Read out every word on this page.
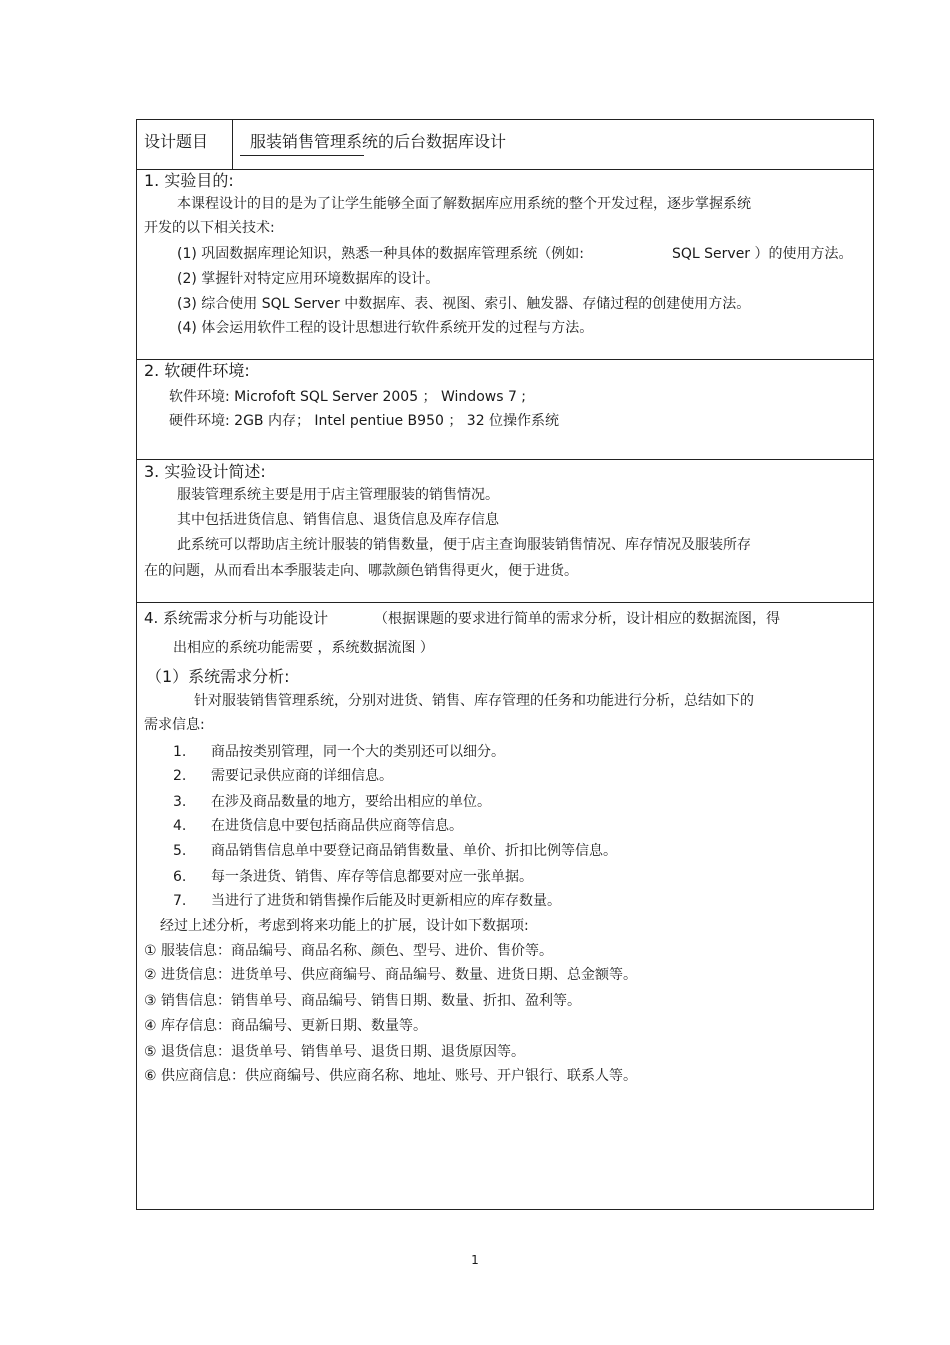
设计题目	服装销售管理系统的后台数据库设计
1. 实验目的:
本课程设计的目的是为了让学生能够全面了解数据库应用系统的整个开发过程，逐步掌握系统
开发的以下相关技术:
(1) 巩固数据库理论知识，熟悉一种具体的数据库管理系统（例如:	SQL Server ）的使用方法。
(2) 掌握针对特定应用环境数据库的设计。
(3) 综合使用 SQL Server 中数据库、表、视图、索引、触发器、存储过程的创建使用方法。
(4) 体会运用软件工程的设计思想进行软件系统开发的过程与方法。
2. 软硬件环境:
软件环境: Microfoft SQL Server 2005 ； Windows 7 ;
硬件环境: 2GB 内存； Intel pentiue B950 ； 32 位操作系统
3. 实验设计简述:
服装管理系统主要是用于店主管理服装的销售情况。
其中包括进货信息、销售信息、退货信息及库存信息
此系统可以帮助店主统计服装的销售数量，便于店主查询服装销售情况、库存情况及服装所存
在的问题，从而看出本季服装走向、哪款颜色销售得更火，便于进货。
4. 系统需求分析与功能设计	（根据课题的要求进行简单的需求分析，设计相应的数据流图，得
出相应的系统功能需要 ，系统数据流图 ）
（1）系统需求分析:
针对服装销售管理系统，分别对进货、销售、库存管理的任务和功能进行分析，总结如下的
需求信息:
1. 商品按类别管理，同一个大的类别还可以细分。
2. 需要记录供应商的详细信息。
3. 在涉及商品数量的地方，要给出相应的单位。
4. 在进货信息中要包括商品供应商等信息。
5. 商品销售信息单中要登记商品销售数量、单价、折扣比例等信息。
6. 每一条进货、销售、库存等信息都要对应一张单据。
7. 当进行了进货和销售操作后能及时更新相应的库存数量。
经过上述分析，考虑到将来功能上的扩展，设计如下数据项:
① 服装信息：商品编号、商品名称、颜色、型号、进价、售价等。
② 进货信息：进货单号、供应商编号、商品编号、数量、进货日期、总金额等。
③ 销售信息：销售单号、商品编号、销售日期、数量、折扣、盈利等。
④ 库存信息：商品编号、更新日期、数量等。
⑤ 退货信息：退货单号、销售单号、退货日期、退货原因等。
⑥ 供应商信息：供应商编号、供应商名称、地址、账号、开户银行、联系人等。
1
